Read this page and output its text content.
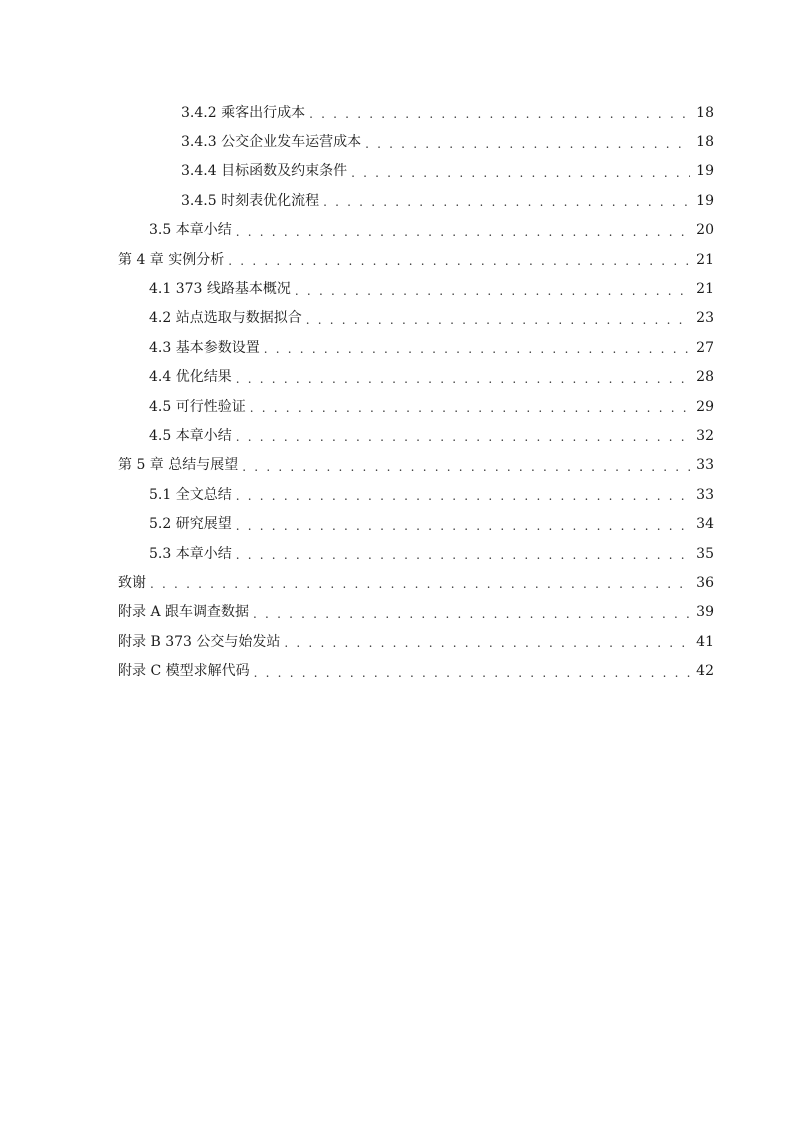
3.4.2 乘客出行成本 . . .	18
3.4.3 公交企业发车运营成本 . . .	18
3.4.4 目标函数及约束条件 . . .	19
3.4.5 时刻表优化流程 . . .	19
3.5 本章小结 . . .	20
第 4 章 实例分析 . . .	21
4.1 373 线路基本概况 . . .	21
4.2 站点选取与数据拟合 . . .	23
4.3 基本参数设置 . . .	27
4.4 优化结果 . . .	28
4.5 可行性验证 . . .	29
4.5 本章小结 . . .	32
第 5 章 总结与展望 . . .	33
5.1 全文总结 . . .	33
5.2 研究展望 . . .	34
5.3 本章小结 . . .	35
致谢 . . .	36
附录 A 跟车调查数据 . . .	39
附录 B 373 公交与始发站 . . .	41
附录 C 模型求解代码 . . .	42
